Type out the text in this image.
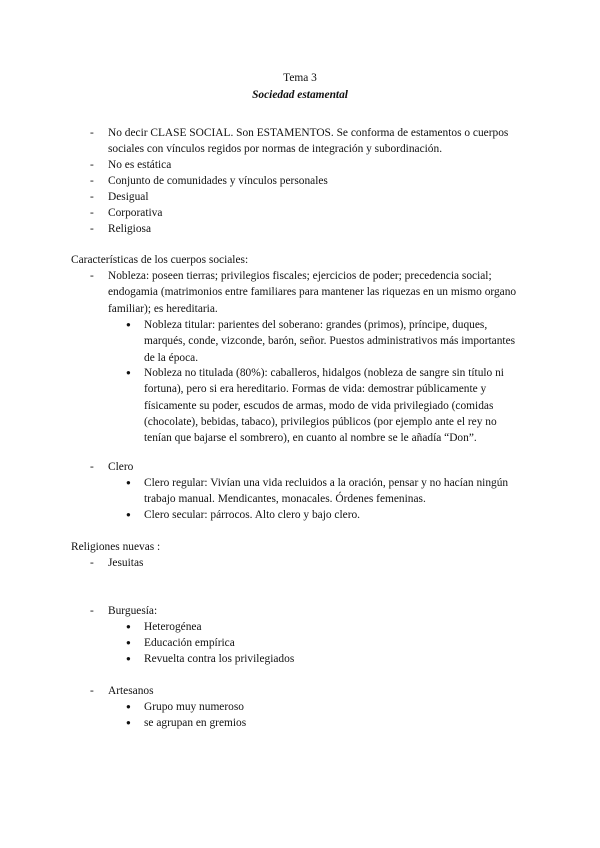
Tema 3
Sociedad estamental
-	No decir CLASE SOCIAL. Son ESTAMENTOS. Se conforma de estamentos o cuerpos sociales con vínculos regidos por normas de integración y subordinación.
-	No es estática
-	Conjunto de comunidades y vínculos personales
-	Desigual
-	Corporativa
-	Religiosa
Características de los cuerpos sociales:
-	Nobleza: poseen tierras; privilegios fiscales; ejercicios de poder; precedencia social; endogamia (matrimonios entre familiares para mantener las riquezas en un mismo organo familiar); es hereditaria.
●	Nobleza titular: parientes del soberano: grandes (primos), príncipe, duques, marqués, conde, vizconde, barón, señor. Puestos administrativos más importantes de la época.
●	Nobleza no titulada (80%): caballeros, hidalgos (nobleza de sangre sin título ni fortuna), pero si era hereditario. Formas de vida: demostrar públicamente y físicamente su poder, escudos de armas, modo de vida privilegiado (comidas (chocolate), bebidas, tabaco), privilegios públicos (por ejemplo ante el rey no tenían que bajarse el sombrero), en cuanto al nombre se le añadía “Don”.
-	Clero
●	Clero regular: Vivían una vida recluidos a la oración, pensar y no hacían ningún trabajo manual. Mendicantes, monacales. Órdenes femeninas.
●	Clero secular: párrocos. Alto clero y bajo clero.
Religiones nuevas :
-	Jesuitas
-	Burguesía:
●	Heterogénea
●	Educación empírica
●	Revuelta contra los privilegiados
-	Artesanos
●	Grupo muy numeroso
●	se agrupan en gremios
